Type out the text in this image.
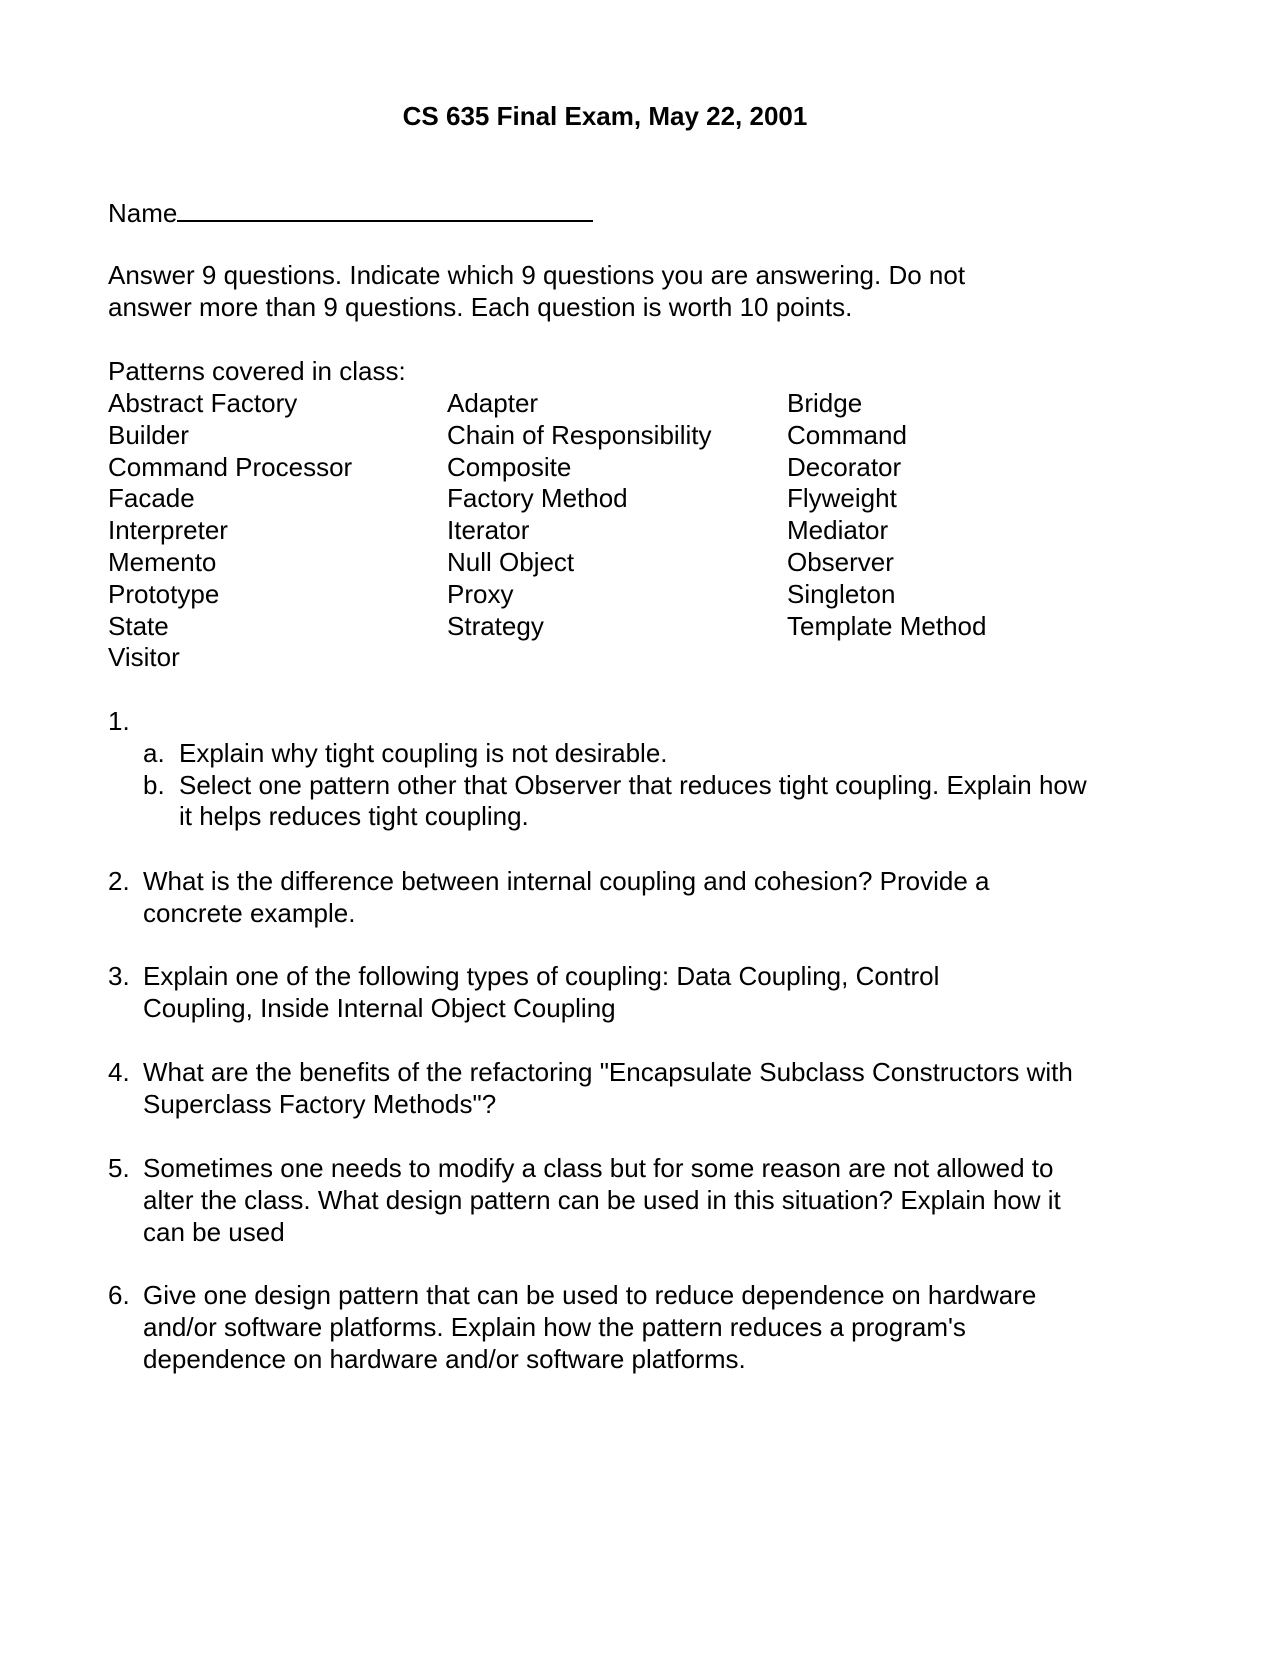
CS 635 Final Exam, May 22, 2001
Name
Answer 9 questions. Indicate which 9 questions you are answering. Do not
answer more than 9 questions. Each question is worth 10 points.
Patterns covered in class:
Abstract Factory
Builder
Command Processor
Facade
Interpreter
Memento
Prototype
State
Visitor
Adapter
Chain of Responsibility
Composite
Factory Method
Iterator
Null Object
Proxy
Strategy
Bridge
Command
Decorator
Flyweight
Mediator
Observer
Singleton
Template Method
1.
a. Explain why tight coupling is not desirable.
b. Select one pattern other that Observer that reduces tight coupling. Explain how it helps reduces tight coupling.
2. What is the difference between internal coupling and cohesion? Provide a concrete example.
3. Explain one of the following types of coupling: Data Coupling, Control Coupling, Inside Internal Object Coupling
4. What are the benefits of the refactoring "Encapsulate Subclass Constructors with Superclass Factory Methods"?
5. Sometimes one needs to modify a class but for some reason are not allowed to alter the class. What design pattern can be used in this situation? Explain how it can be used
6. Give one design pattern that can be used to reduce dependence on hardware and/or software platforms. Explain how the pattern reduces a program's dependence on hardware and/or software platforms.
